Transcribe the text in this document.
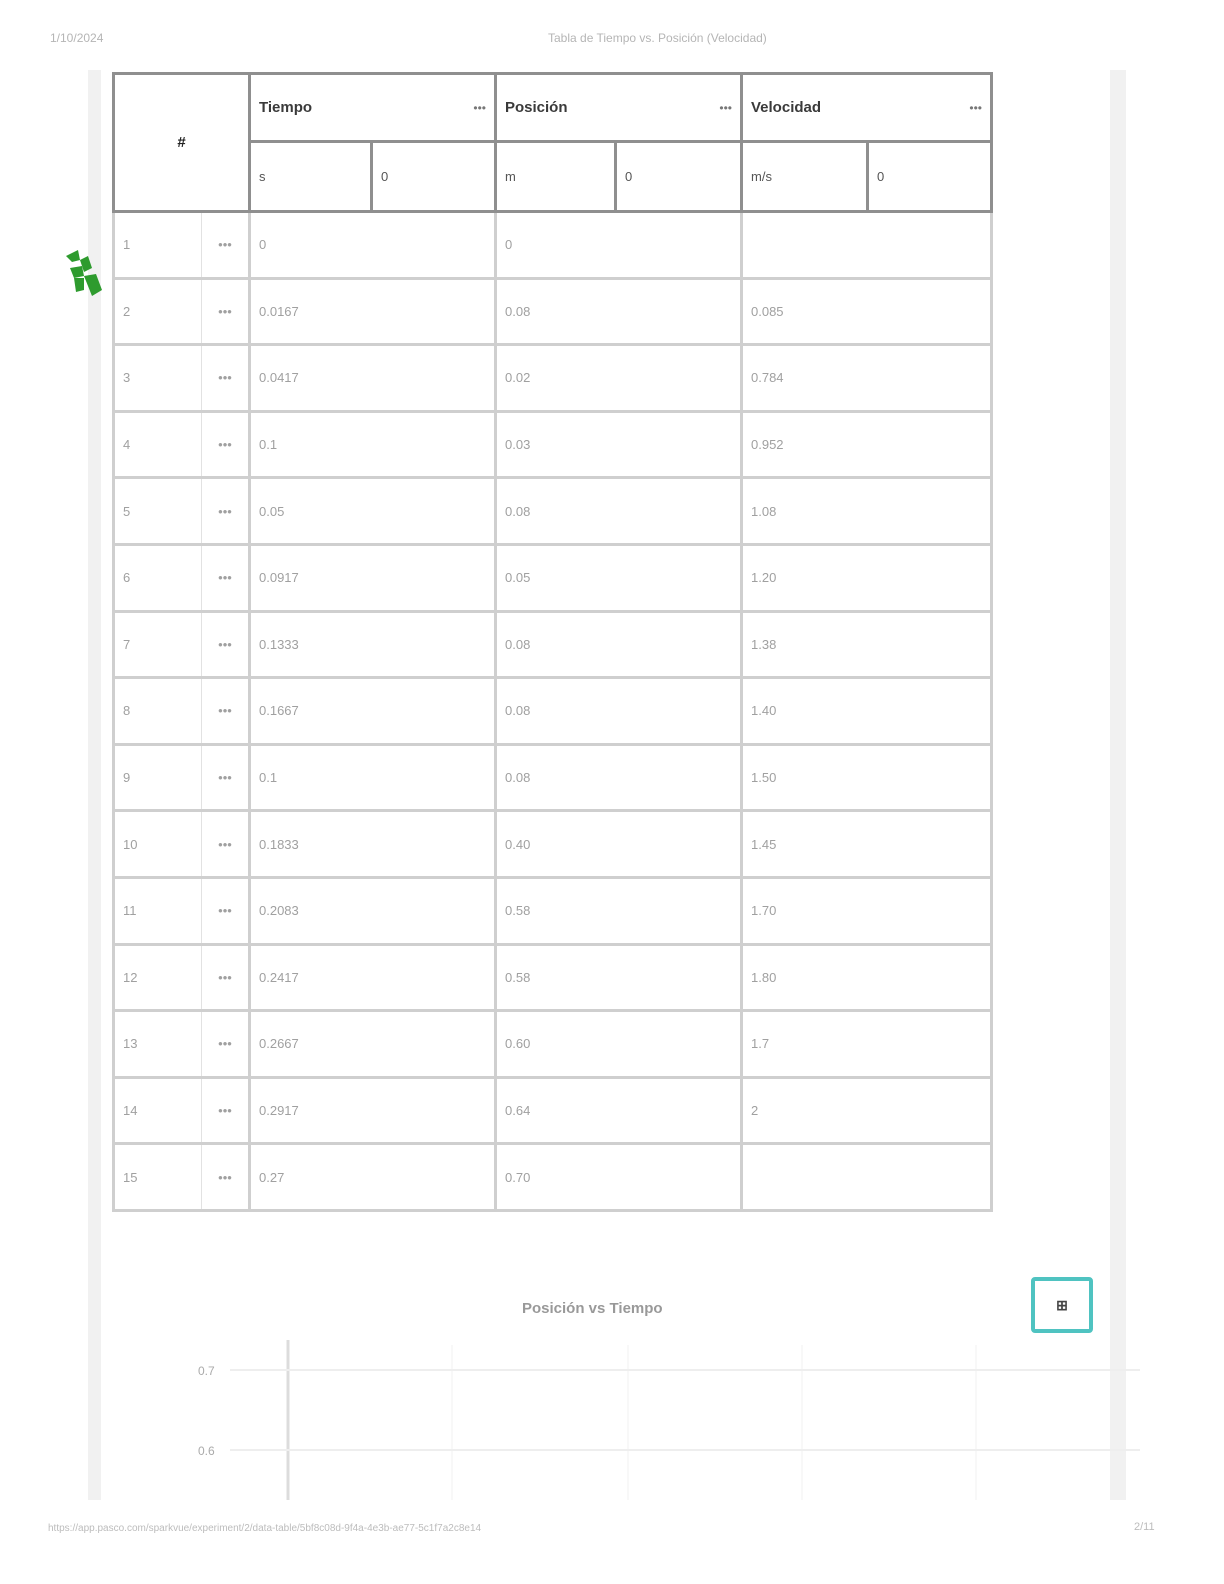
1/10/2024	Tabla de Tiempo vs. Posición (Velocidad)
#		Tiempo •••		Posición •••		Velocidad •••	

		s	0	m	0	m/s	0
1	•••	0		0			
2	•••	0.0167		0.08		0.085	
3	•••	0.0417		0.02		0.784	
4	•••	0.1		0.03		0.952	
5	•••	0.05		0.08		1.08	
6	•••	0.0917		0.05		1.20	
7	•••	0.1333		0.08		1.38	
8	•••	0.1667		0.08		1.40	
9	•••	0.1		0.08		1.50	
10	•••	0.1833		0.40		1.45	
11	•••	0.2083		0.58		1.70	
12	•••	0.2417		0.58		1.80	
13	•••	0.2667		0.60		1.7	
14	•••	0.2917		0.64		2	
15	•••	0.27		0.70			
Posición vs Tiempo	⊞
0.7
0.6
https://app.pasco.com/sparkvue/experiment/2/data-table/5bf8c08d-9f4a-4e3b-ae77-5c1f7a2c8e14	2/11
